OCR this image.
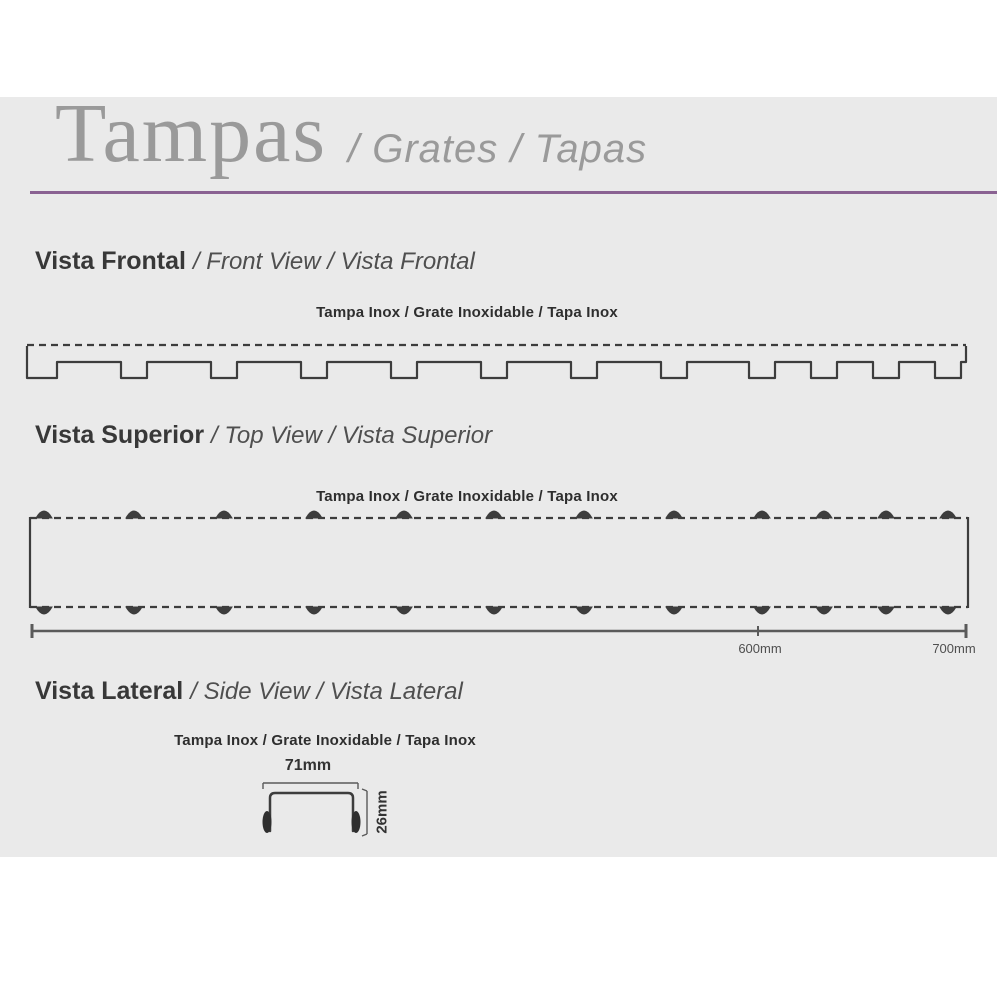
Tampas / Grates / Tapas
Vista Frontal / Front View / Vista Frontal
Vista Superior / Top View / Vista Superior
Vista Lateral / Side View / Vista Lateral
Tampa Inox / Grate Inoxidable / Tapa Inox
Tampa Inox / Grate Inoxidable / Tapa Inox
Tampa Inox / Grate Inoxidable / Tapa Inox
600mm	700mm
71mm
26mm
